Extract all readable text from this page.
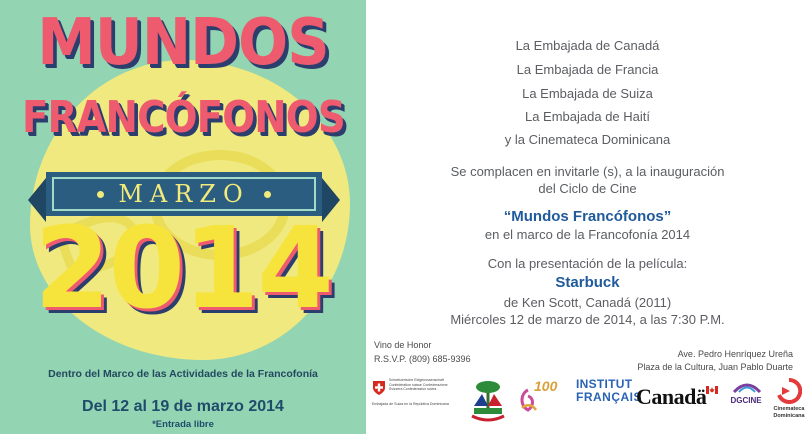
MUNDOS
FRANCÓFONOS
MARZO
2014
Dentro del Marco de las Actividades de la Francofonía
Del 12 al 19 de marzo 2014
*Entrada libre
La Embajada de Canadá
La Embajada de Francia
La Embajada de Suiza
La Embajada de Haití
y la Cinemateca Dominicana
Se complacen en invitarle (s), a la inauguración
del Ciclo de Cine
“Mundos Francófonos”
en el marco de la Francofonía 2014
Con la presentación de la película:
Starbuck
de Ken Scott, Canadá (2011)
Miércoles 12 de marzo de 2014, a las 7:30 P.M.
Vino de Honor
R.S.V.P. (809) 685-9396	Ave. Pedro Henríquez Ureña
Plaza de la Cultura, Juan Pablo Duarte
Schweizerische Eidgenossenschaft Confédération suisse Confederazione Svizzera Confederaziun svizra
Embajada de Suiza en la República Dominicana
100 INSTITUT
FRANÇAIS
Canadä	DGCINE
Cinemateca Dominicana
